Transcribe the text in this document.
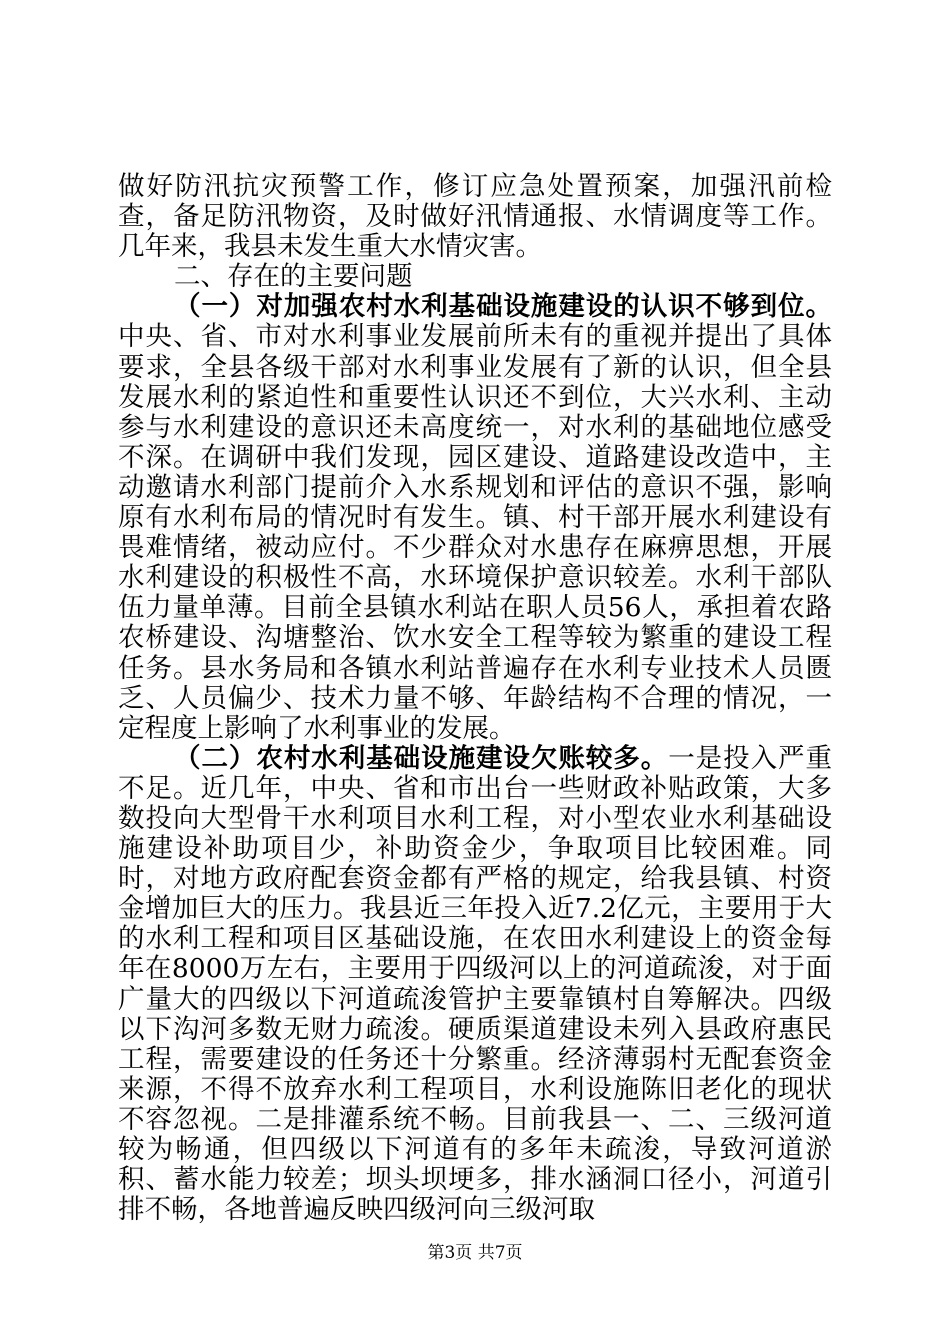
做好防汛抗灾预警工作，修订应急处置预案，加强汛前检查，备足防汛物资，及时做好汛情通报、水情调度等工作。几年来，我县未发生重大水情灾害。

二、存在的主要问题

（一）对加强农村水利基础设施建设的认识不够到位。中央、省、市对水利事业发展前所未有的重视并提出了具体要求，全县各级干部对水利事业发展有了新的认识，但全县发展水利的紧迫性和重要性认识还不到位，大兴水利、主动参与水利建设的意识还未高度统一，对水利的基础地位感受不深。在调研中我们发现，园区建设、道路建设改造中，主动邀请水利部门提前介入水系规划和评估的意识不强，影响原有水利布局的情况时有发生。镇、村干部开展水利建设有畏难情绪，被动应付。不少群众对水患存在麻痹思想，开展水利建设的积极性不高，水环境保护意识较差。水利干部队伍力量单薄。目前全县镇水利站在职人员56人，承担着农路农桥建设、沟塘整治、饮水安全工程等较为繁重的建设工程任务。县水务局和各镇水利站普遍存在水利专业技术人员匮乏、人员偏少、技术力量不够、年龄结构不合理的情况，一定程度上影响了水利事业的发展。

（二）农村水利基础设施建设欠账较多。一是投入严重不足。近几年，中央、省和市出台一些财政补贴政策，大多数投向大型骨干水利项目水利工程，对小型农业水利基础设施建设补助项目少，补助资金少，争取项目比较困难。同时，对地方政府配套资金都有严格的规定，给我县镇、村资金增加巨大的压力。我县近三年投入近7.2亿元，主要用于大的水利工程和项目区基础设施，在农田水利建设上的资金每年在8000万左右，主要用于四级河以上的河道疏浚，对于面广量大的四级以下河道疏浚管护主要靠镇村自筹解决。四级以下沟河多数无财力疏浚。硬质渠道建设未列入县政府惠民工程，需要建设的任务还十分繁重。经济薄弱村无配套资金来源，不得不放弃水利工程项目，水利设施陈旧老化的现状不容忽视。二是排灌系统不畅。目前我县一、二、三级河道较为畅通，但四级以下河道有的多年未疏浚，导致河道淤积、蓄水能力较差；坝头坝埂多，排水涵洞口径小，河道引排不畅，各地普遍反映四级河向三级河取

第3页 共7页
